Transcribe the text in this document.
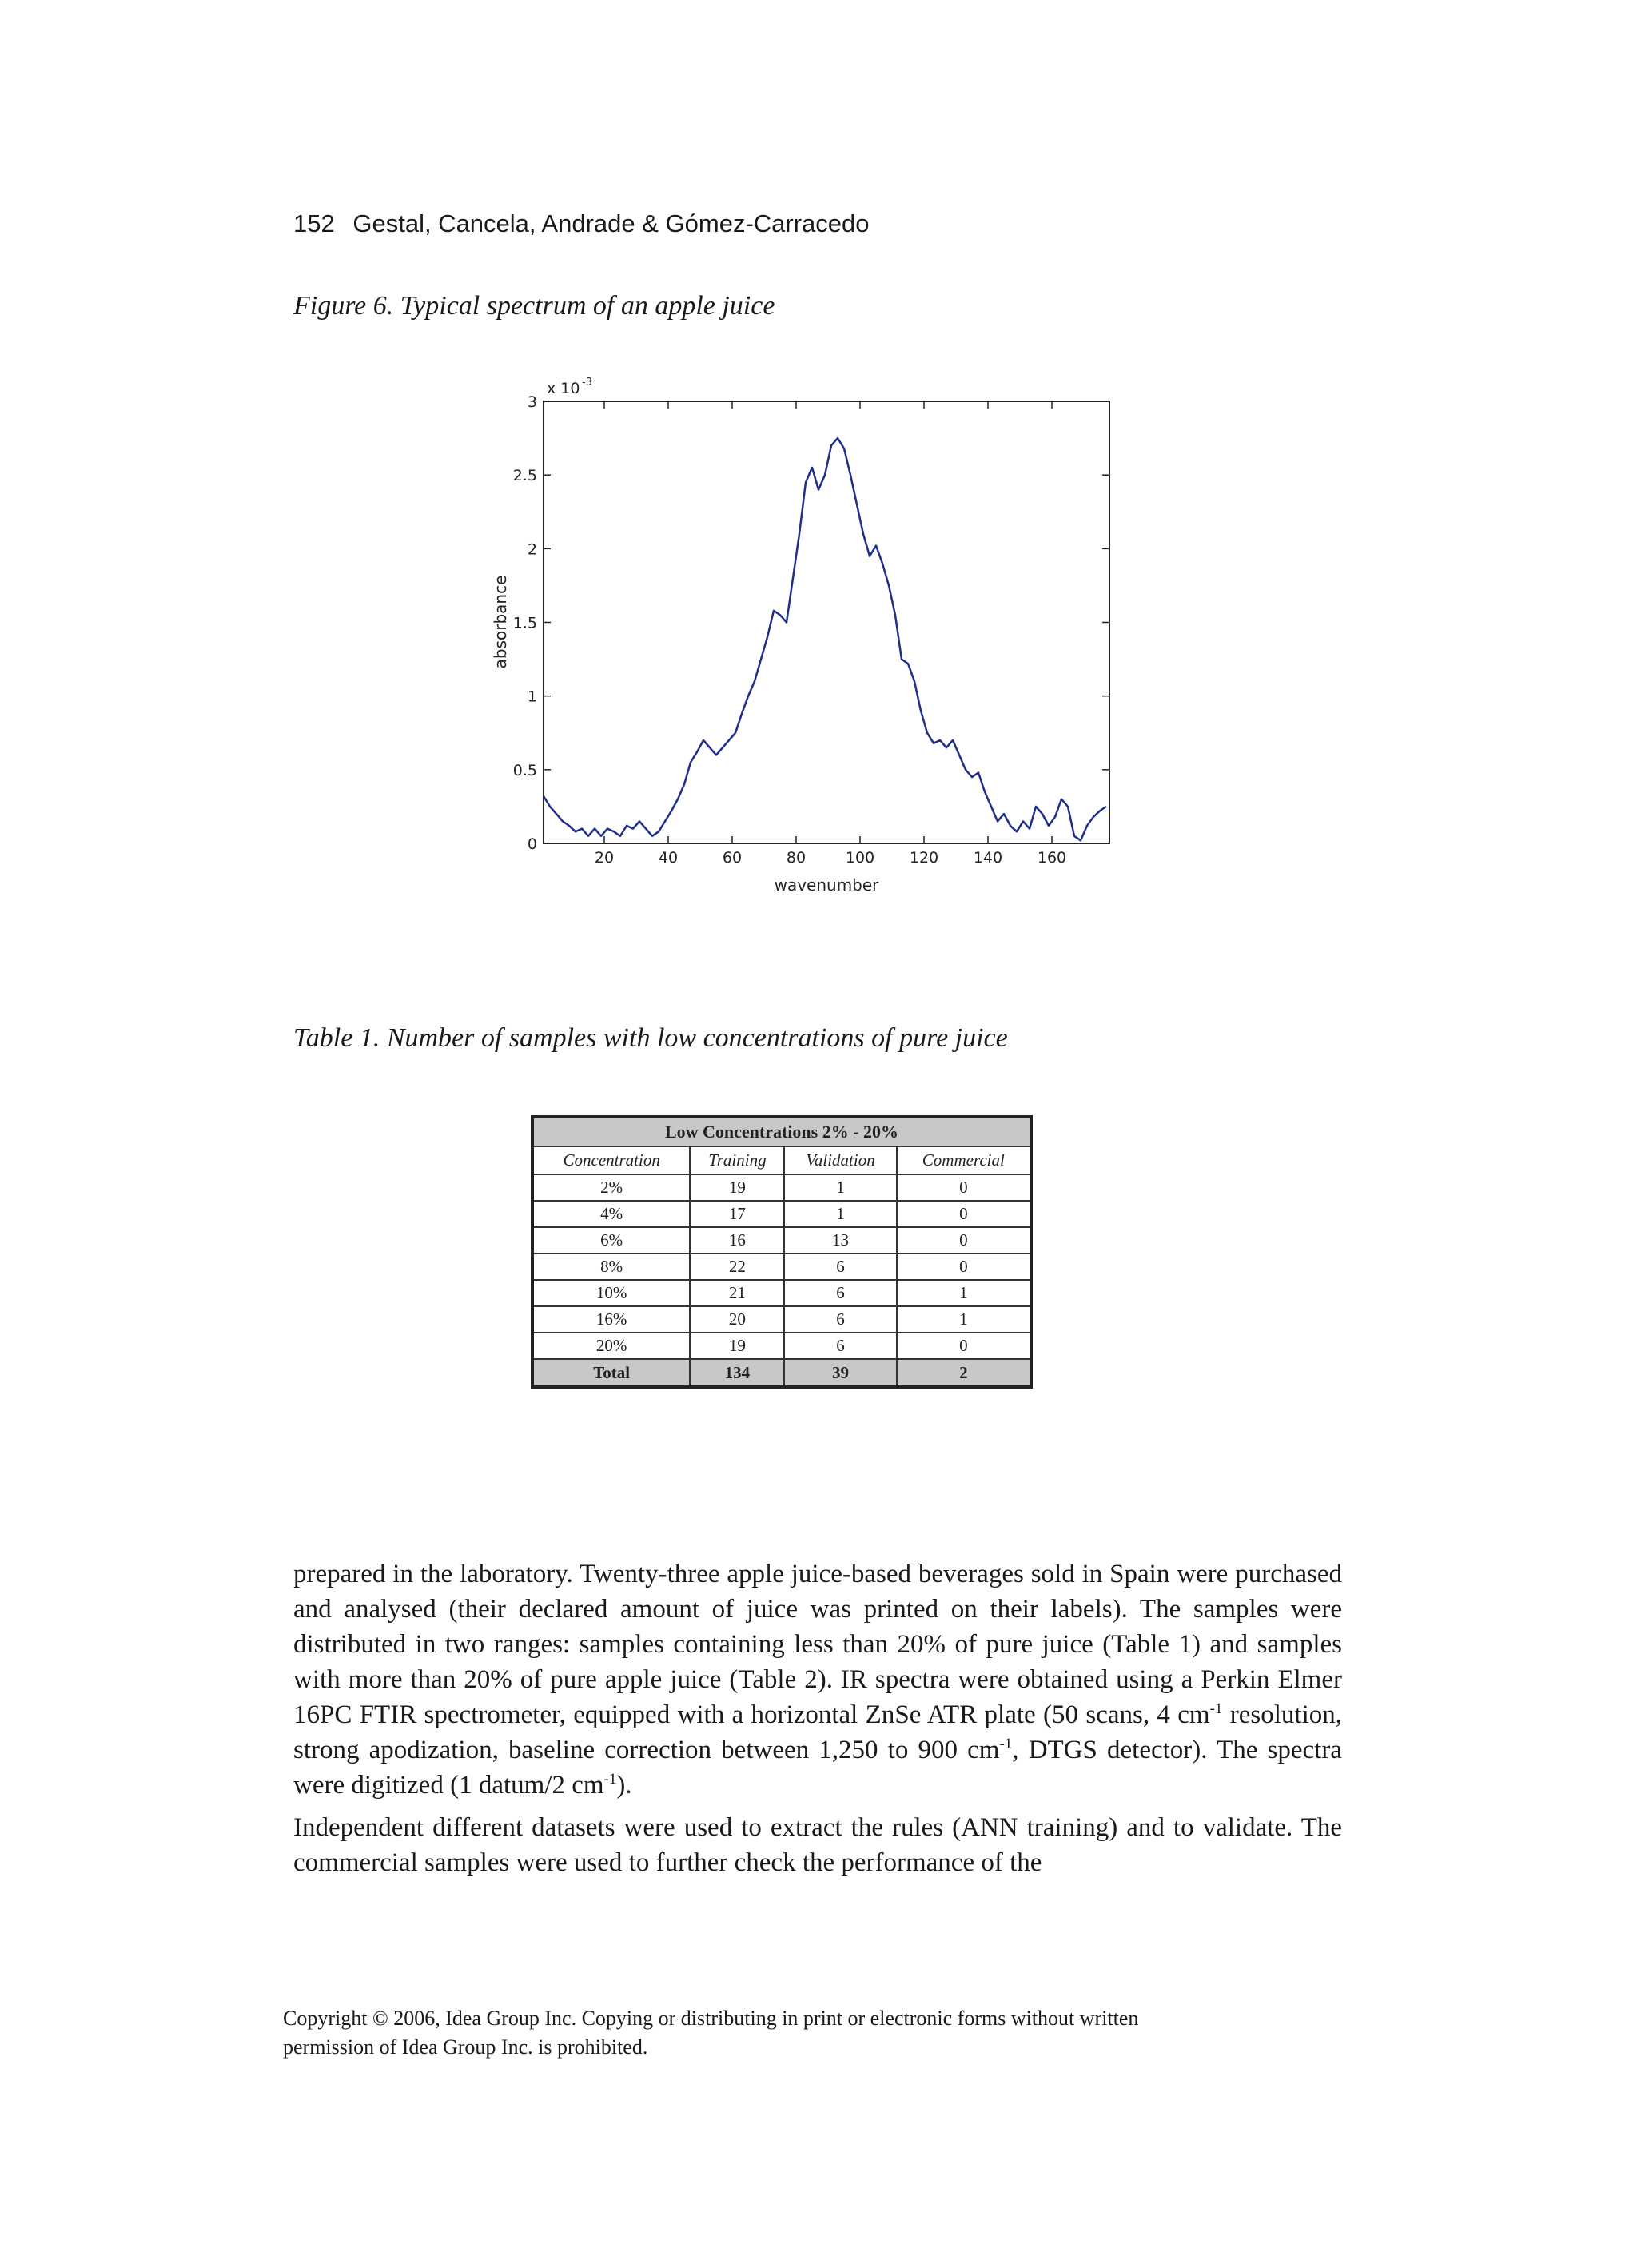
152 Gestal, Cancela, Andrade & Gómez-Carracedo
Figure 6. Typical spectrum of an apple juice
20	40	60	80	100 120 140 160
0
0.5
1
1.5
2
2.5
3
x 10 -3
wavenumber
absorbance
Table 1. Number of samples with low concentrations of pure juice
Low Concentrations 2% - 20%			
Concentration	Training	Validation	Commercial
2%	19	1	0
4%	17	1	0
6%	16	13	0
8%	22	6	0
10%	21	6	1
16%	20	6	1
20%	19	6	0
Total	134	39	2

prepared in the laboratory. Twenty-three apple juice-based beverages sold in Spain were purchased and analysed (their declared amount of juice was printed on their labels). The samples were distributed in two ranges: samples containing less than 20% of pure juice (Table 1) and samples with more than 20% of pure apple juice (Table 2). IR spectra were obtained using a Perkin Elmer 16PC FTIR spectrometer, equipped with a horizontal ZnSe ATR plate (50 scans, 4 $cm^{-1}$ resolution, strong apodization, baseline correction between 1,250 to 900 $cm^{-1}$, DTGS detector). The spectra were digitized (1 datum/2 $cm^{-1}$).

Independent different datasets were used to extract the rules (ANN training) and to validate. The commercial samples were used to further check the performance of the

Copyright © 2006, Idea Group Inc. Copying or distributing in print or electronic forms without written
permission of Idea Group Inc. is prohibited.
